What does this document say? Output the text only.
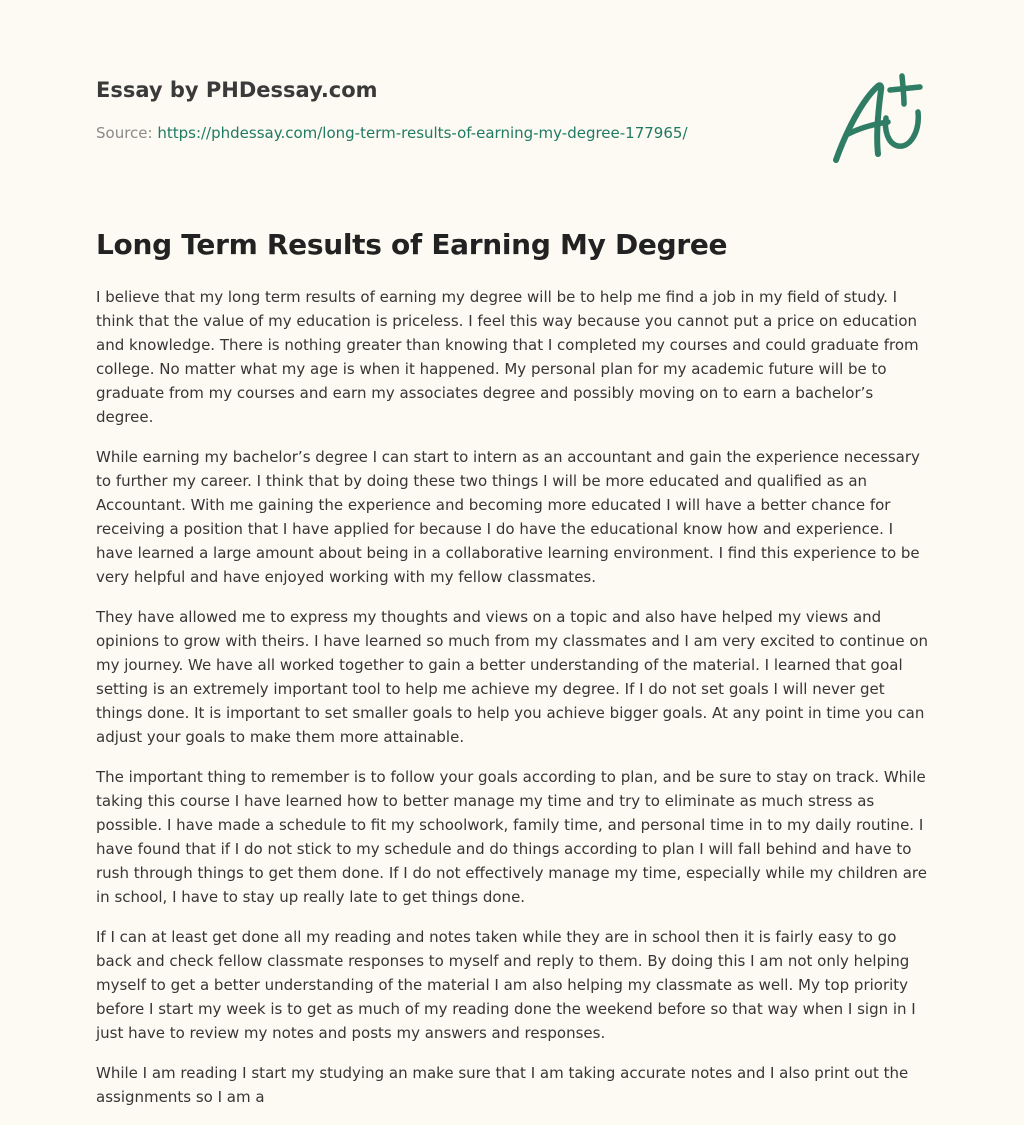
Essay by PHDessay.com
Source: https://phdessay.com/long-term-results-of-earning-my-degree-177965/
Long Term Results of Earning My Degree

I believe that my long term results of earning my degree will be to help me find a job in my field of study. I think that the value of my education is priceless. I feel this way because you cannot put a price on education and knowledge. There is nothing greater than knowing that I completed my courses and could graduate from college. No matter what my age is when it happened. My personal plan for my academic future will be to graduate from my courses and earn my associates degree and possibly moving on to earn a bachelor’s degree.

While earning my bachelor’s degree I can start to intern as an accountant and gain the experience necessary to further my career. I think that by doing these two things I will be more educated and qualified as an Accountant. With me gaining the experience and becoming more educated I will have a better chance for receiving a position that I have applied for because I do have the educational know how and experience. I have learned a large amount about being in a collaborative learning environment. I find this experience to be very helpful and have enjoyed working with my fellow classmates.

They have allowed me to express my thoughts and views on a topic and also have helped my views and opinions to grow with theirs. I have learned so much from my classmates and I am very excited to continue on my journey. We have all worked together to gain a better understanding of the material. I learned that goal setting is an extremely important tool to help me achieve my degree. If I do not set goals I will never get things done. It is important to set smaller goals to help you achieve bigger goals. At any point in time you can adjust your goals to make them more attainable.

The important thing to remember is to follow your goals according to plan, and be sure to stay on track. While taking this course I have learned how to better manage my time and try to eliminate as much stress as possible. I have made a schedule to fit my schoolwork, family time, and personal time in to my daily routine. I have found that if I do not stick to my schedule and do things according to plan I will fall behind and have to rush through things to get them done. If I do not effectively manage my time, especially while my children are in school, I have to stay up really late to get things done.

If I can at least get done all my reading and notes taken while they are in school then it is fairly easy to go back and check fellow classmate responses to myself and reply to them. By doing this I am not only helping myself to get a better understanding of the material I am also helping my classmate as well. My top priority before I start my week is to get as much of my reading done the weekend before so that way when I sign in I just have to review my notes and posts my answers and responses.

While I am reading I start my studying an make sure that I am taking accurate notes and I also print out the assignments so I am a
